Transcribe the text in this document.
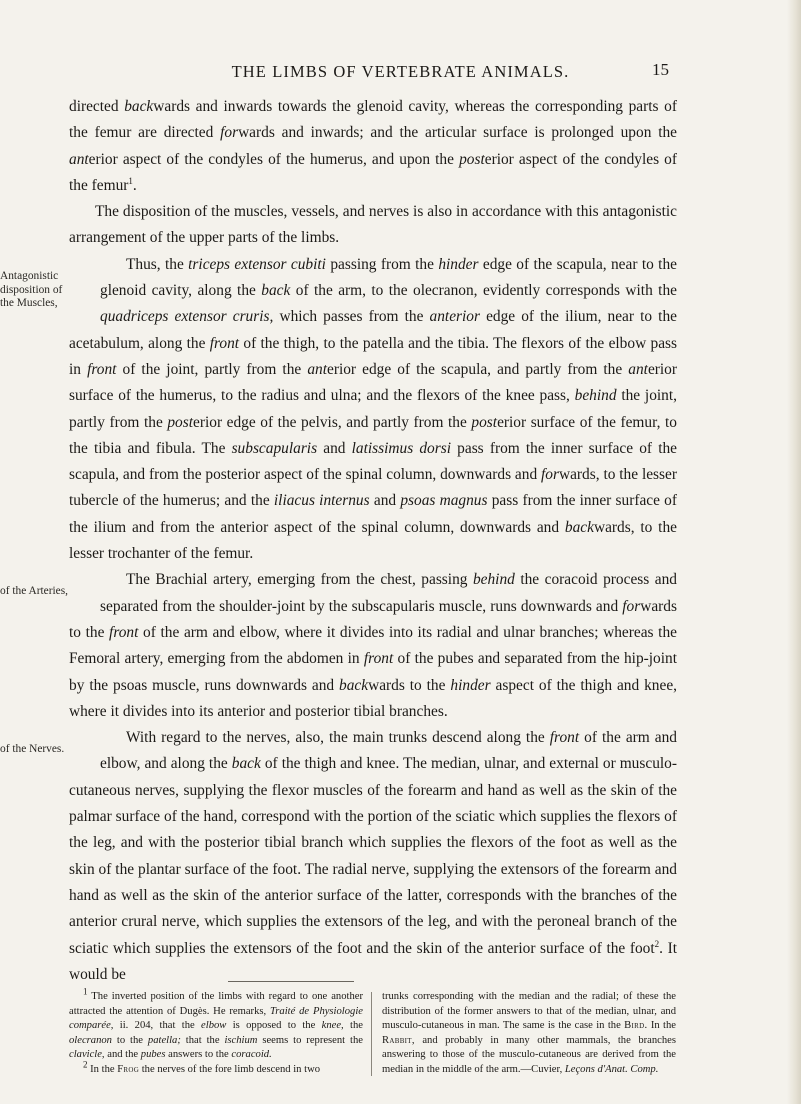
THE LIMBS OF VERTEBRATE ANIMALS.	15

directed backwards and inwards towards the glenoid cavity, whereas the corresponding parts of the femur are directed forwards and inwards; and the articular surface is prolonged upon the anterior aspect of the condyles of the humerus, and upon the posterior aspect of the condyles of the femur$^1$.

The disposition of the muscles, vessels, and nerves is also in accordance with this antagonistic arrangement of the upper parts of the limbs.

Antagonistic
disposition of
the Muscles,

Thus, the triceps extensor cubiti passing from the hinder edge of the scapula, near to the glenoid cavity, along the back of the arm, to the olecranon, evidently corresponds with the quadriceps extensor cruris, which passes from the anterior edge of the ilium, near to the acetabulum, along the front of the thigh, to the patella and the tibia. The flexors of the elbow pass in front of the joint, partly from the anterior edge of the scapula, and partly from the anterior surface of the humerus, to the radius and ulna; and the flexors of the knee pass, behind the joint, partly from the posterior edge of the pelvis, and partly from the posterior surface of the femur, to the tibia and fibula. The subscapularis and latissimus dorsi pass from the inner surface of the scapula, and from the posterior aspect of the spinal column, downwards and forwards, to the lesser tubercle of the humerus; and the iliacus internus and psoas magnus pass from the inner surface of the ilium and from the anterior aspect of the spinal column, downwards and backwards, to the lesser trochanter of the femur.

of the Arteries,

The Brachial artery, emerging from the chest, passing behind the coracoid process and separated from the shoulder-joint by the subscapularis muscle, runs downwards and forwards to the front of the arm and elbow, where it divides into its radial and ulnar branches; whereas the Femoral artery, emerging from the abdomen in front of the pubes and separated from the hip-joint by the psoas muscle, runs downwards and backwards to the hinder aspect of the thigh and knee, where it divides into its anterior and posterior tibial branches.

of the Nerves.

With regard to the nerves, also, the main trunks descend along the front of the arm and elbow, and along the back of the thigh and knee. The median, ulnar, and external or musculo-cutaneous nerves, supplying the flexor muscles of the forearm and hand as well as the skin of the palmar surface of the hand, correspond with the portion of the sciatic which supplies the flexors of the leg, and with the posterior tibial branch which supplies the flexors of the foot as well as the skin of the plantar surface of the foot. The radial nerve, supplying the extensors of the forearm and hand as well as the skin of the anterior surface of the latter, corresponds with the branches of the anterior crural nerve, which supplies the extensors of the leg, and with the peroneal branch of the sciatic which supplies the extensors of the foot and the skin of the anterior surface of the foot$^2$. It would be

$^1$ The inverted position of the limbs with regard to one another attracted the attention of Dugès. He remarks, Traité de Physiologie comparée, ii. 204, that the elbow is opposed to the knee, the olecranon to the patella; that the ischium seems to represent the clavicle, and the pubes answers to the coracoid.

$^2$ In the Frog the nerves of the fore limb descend in two

trunks corresponding with the median and the radial; of these the distribution of the former answers to that of the median, ulnar, and musculo-cutaneous in man. The same is the case in the Bird. In the Rabbit, and probably in many other mammals, the branches answering to those of the musculo-cutaneous are derived from the median in the middle of the arm.—Cuvier, Leçons d'Anat. Comp.
